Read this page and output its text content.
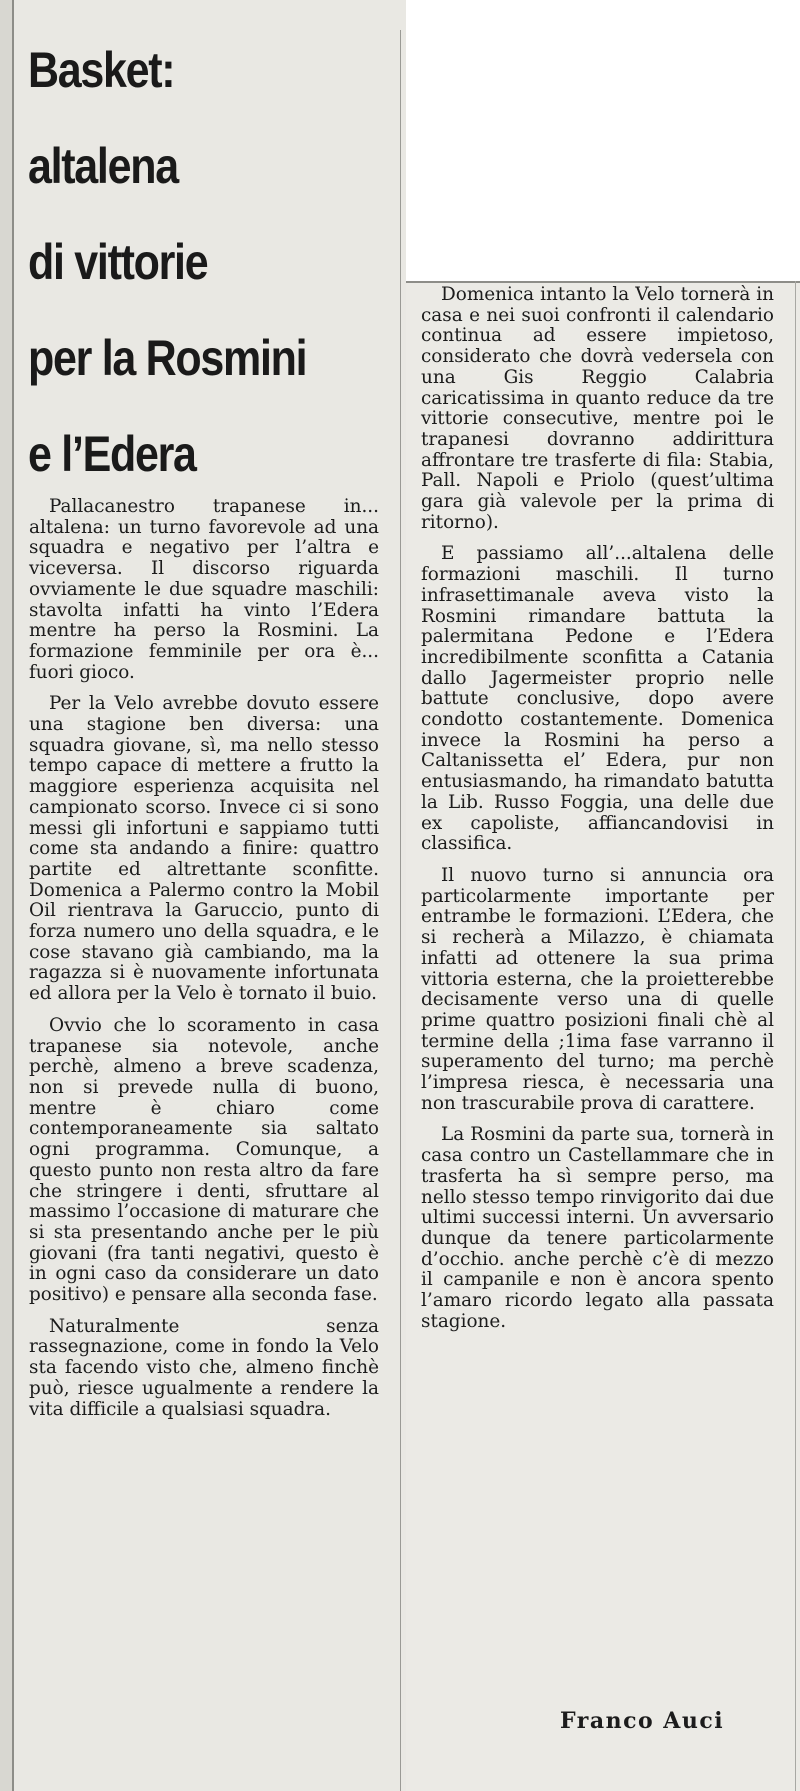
Basket:
altalena
di vittorie
per la Rosmini
e l’Edera

Pallacanestro trapanese in... altalena: un turno favorevole ad una squadra e negativo per l’altra e viceversa. Il discorso riguarda ovviamente le due squadre maschili: stavolta infatti ha vinto l’Edera mentre ha perso la Rosmini. La formazione femminile per ora è... fuori gioco.

Per la Velo avrebbe dovuto essere una stagione ben diversa: una squadra giovane, sì, ma nello stesso tempo capace di mettere a frutto la maggiore esperienza acquisita nel campionato scorso. Invece ci si sono messi gli infortuni e sappiamo tutti come sta andando a finire: quattro partite ed altrettante sconfitte. Domenica a Palermo contro la Mobil Oil rientrava la Garuccio, punto di forza numero uno della squadra, e le cose stavano già cambiando, ma la ragazza si è nuovamente infortunata ed allora per la Velo è tornato il buio.

Ovvio che lo scoramento in casa trapanese sia notevole, anche perchè, almeno a breve scadenza, non si prevede nulla di buono, mentre è chiaro come contemporaneamente sia saltato ogni programma. Comunque, a questo punto non resta altro da fare che stringere i denti, sfruttare al massimo l’occasione di maturare che si sta presentando anche per le più giovani (fra tanti negativi, questo è in ogni caso da considerare un dato positivo) e pensare alla seconda fase.

Naturalmente senza rassegnazione, come in fondo la Velo sta facendo visto che, almeno finchè può, riesce ugualmente a rendere la vita difficile a qualsiasi squadra.

Domenica intanto la Velo tornerà in casa e nei suoi confronti il calendario continua ad essere impietoso, considerato che dovrà vedersela con una Gis Reggio Calabria caricatissima in quanto reduce da tre vittorie consecutive, mentre poi le trapanesi dovranno addirittura affrontare tre trasferte di fila: Stabia, Pall. Napoli e Priolo (quest’ultima gara già valevole per la prima di ritorno).

E passiamo all’...altalena delle formazioni maschili. Il turno infrasettimanale aveva visto la Rosmini rimandare battuta la palermitana Pedone e l’Edera incredibilmente sconfitta a Catania dallo Jagermeister proprio nelle battute conclusive, dopo avere condotto costantemente. Domenica invece la Rosmini ha perso a Caltanissetta el’ Edera, pur non entusiasmando, ha rimandato batutta la Lib. Russo Foggia, una delle due ex capoliste, affiancandovisi in classifica.

Il nuovo turno si annuncia ora particolarmente importante per entrambe le formazioni. L’Edera, che si recherà a Milazzo, è chiamata infatti ad ottenere la sua prima vittoria esterna, che la proietterebbe decisamente verso una di quelle prime quattro posizioni finali chè al termine della ;1ima fase varranno il superamento del turno; ma perchè l’impresa riesca, è necessaria una non trascurabile prova di carattere.

La Rosmini da parte sua, tornerà in casa contro un Castellammare che in trasferta ha sì sempre perso, ma nello stesso tempo rinvigorito dai due ultimi successi interni. Un avversario dunque da tenere particolarmente d’occhio. anche perchè c’è di mezzo il campanile e non è ancora spento l’amaro ricordo legato alla passata stagione.

Franco Auci
